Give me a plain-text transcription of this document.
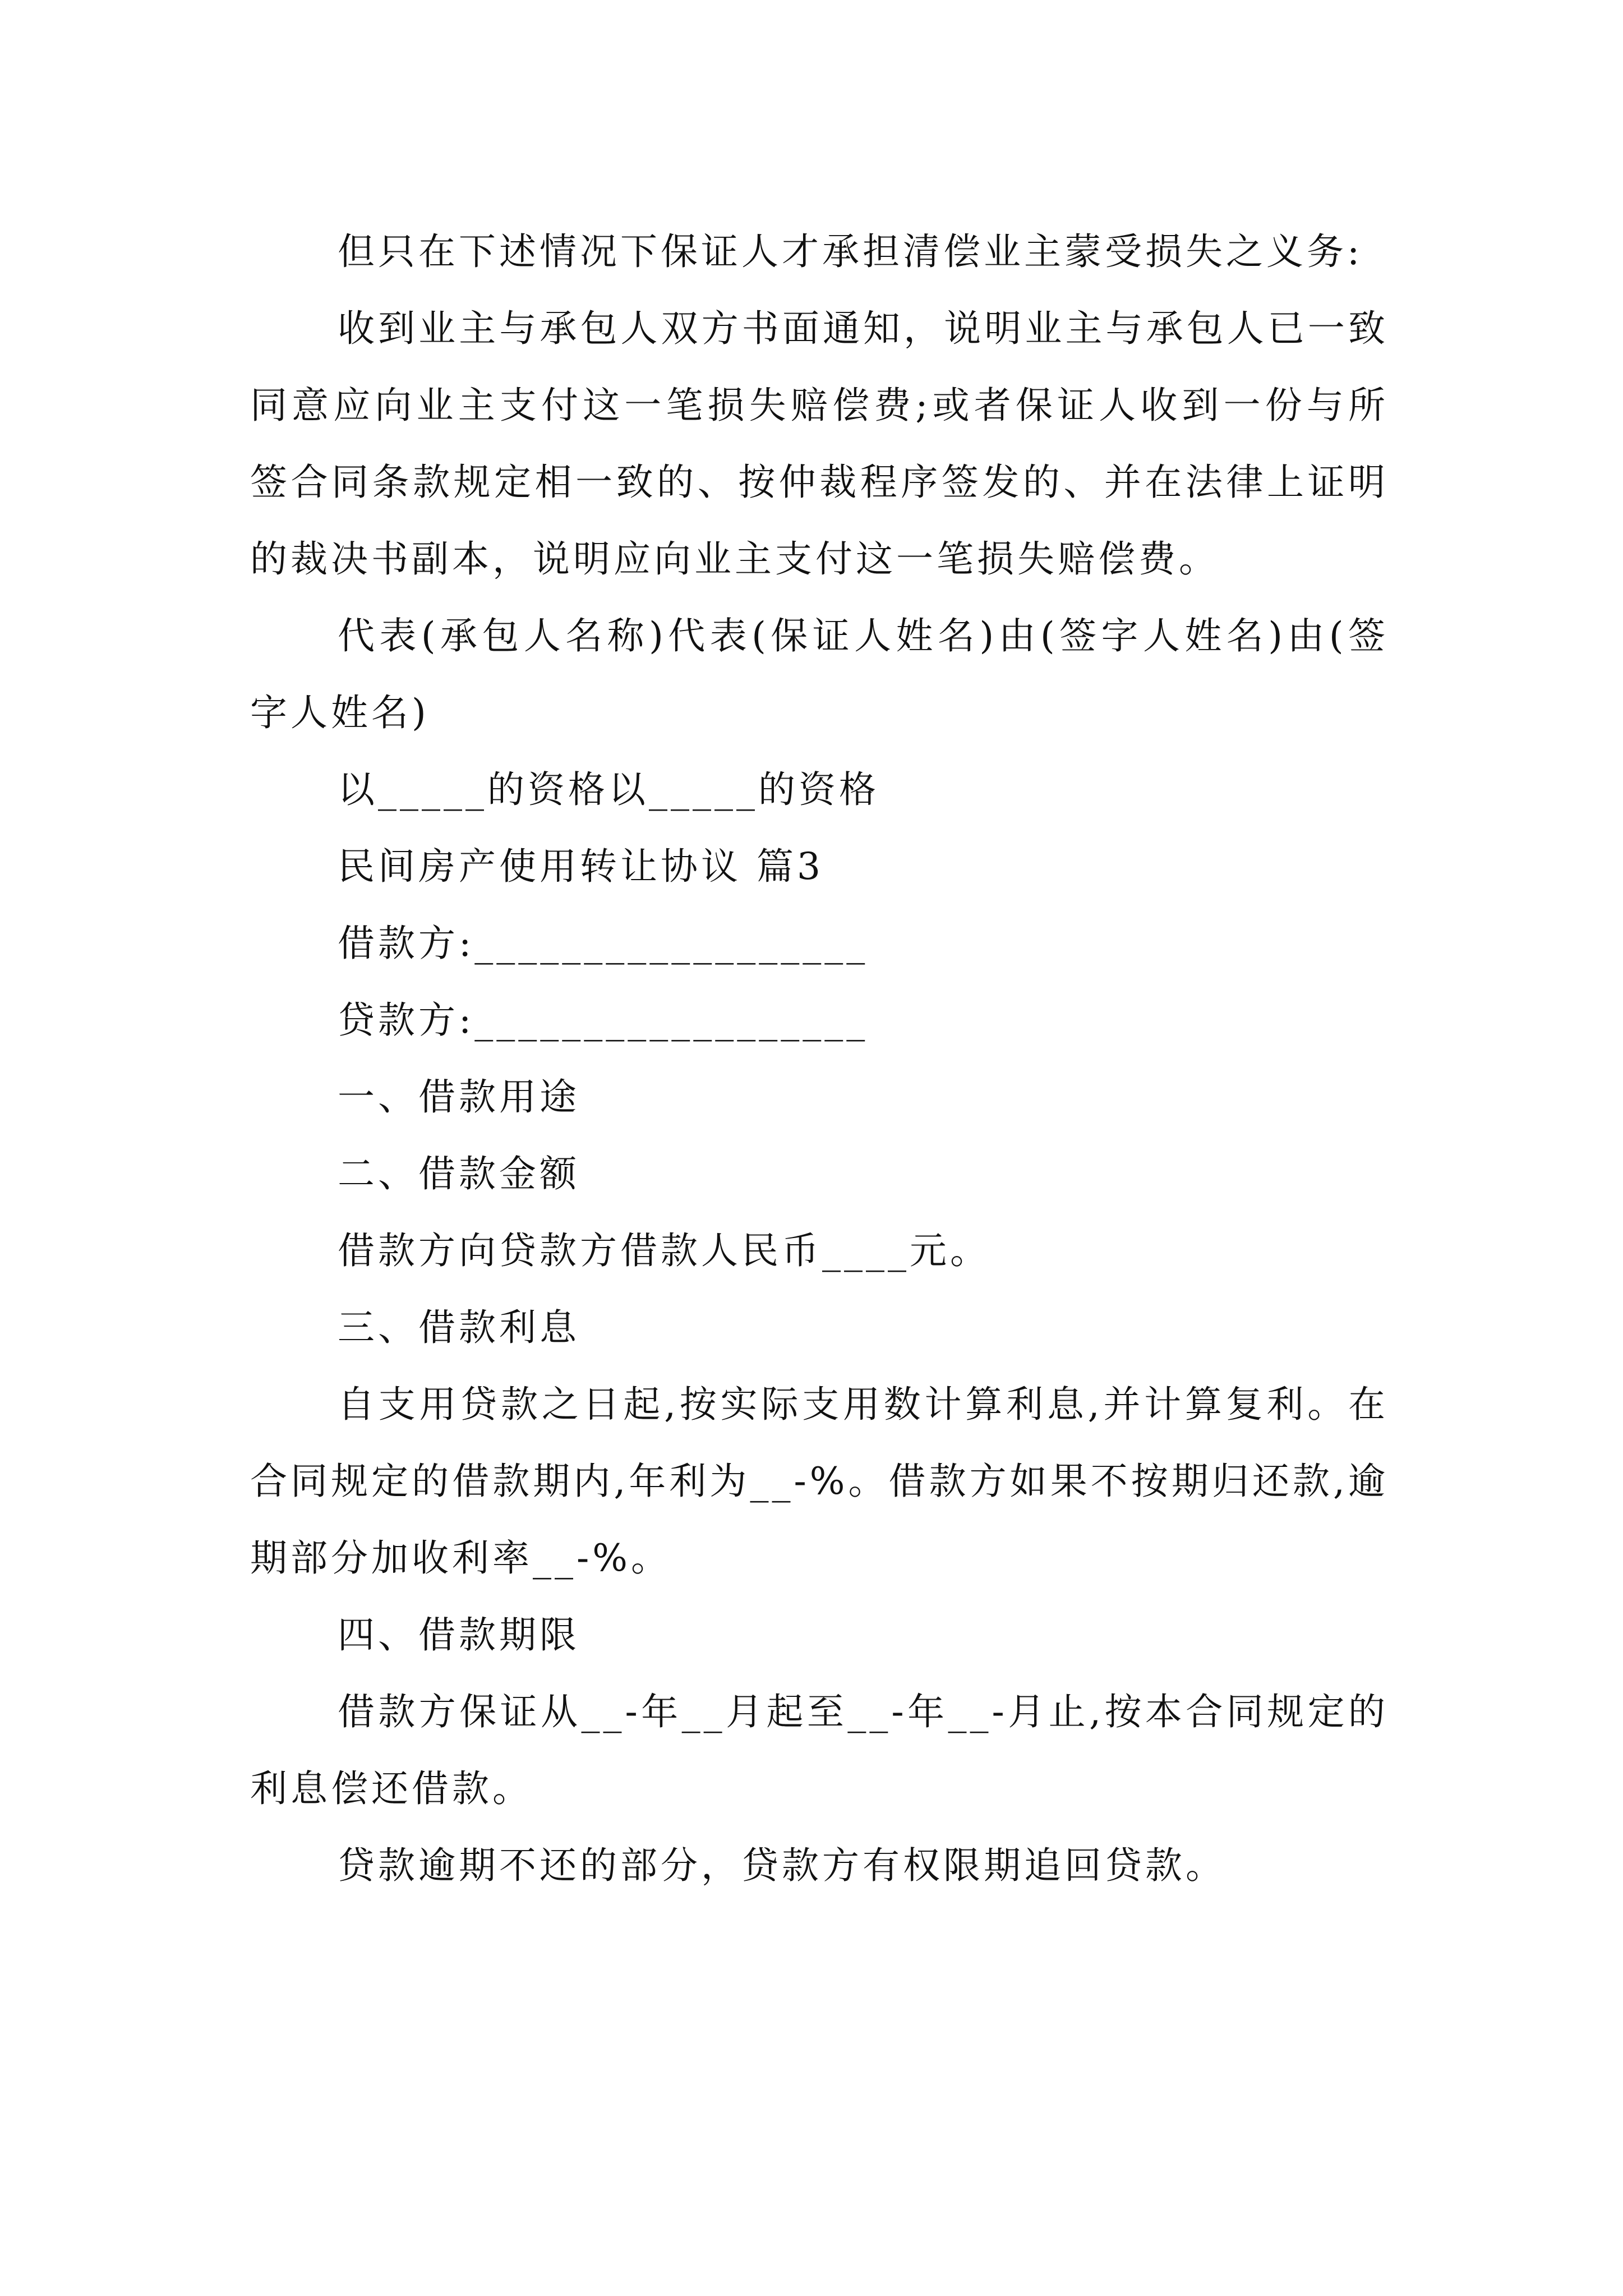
但只在下述情况下保证人才承担清偿业主蒙受损失之义务:

收到业主与承包人双方书面通知，说明业主与承包人已一致同意应向业主支付这一笔损失赔偿费;或者保证人收到一份与所签合同条款规定相一致的、按仲裁程序签发的、并在法律上证明的裁决书副本，说明应向业主支付这一笔损失赔偿费。

代表(承包人名称)代表(保证人姓名)由(签字人姓名)由(签字人姓名)

以_____的资格以_____的资格

民间房产使用转让协议 篇3

借款方:__________________

贷款方:__________________

一、借款用途

二、借款金额

借款方向贷款方借款人民币____元。

三、借款利息

自支用贷款之日起,按实际支用数计算利息,并计算复利。在合同规定的借款期内,年利为__-%。借款方如果不按期归还款,逾期部分加收利率__-%。

四、借款期限

借款方保证从__-年__月起至__-年__-月止,按本合同规定的利息偿还借款。

贷款逾期不还的部分，贷款方有权限期追回贷款。
